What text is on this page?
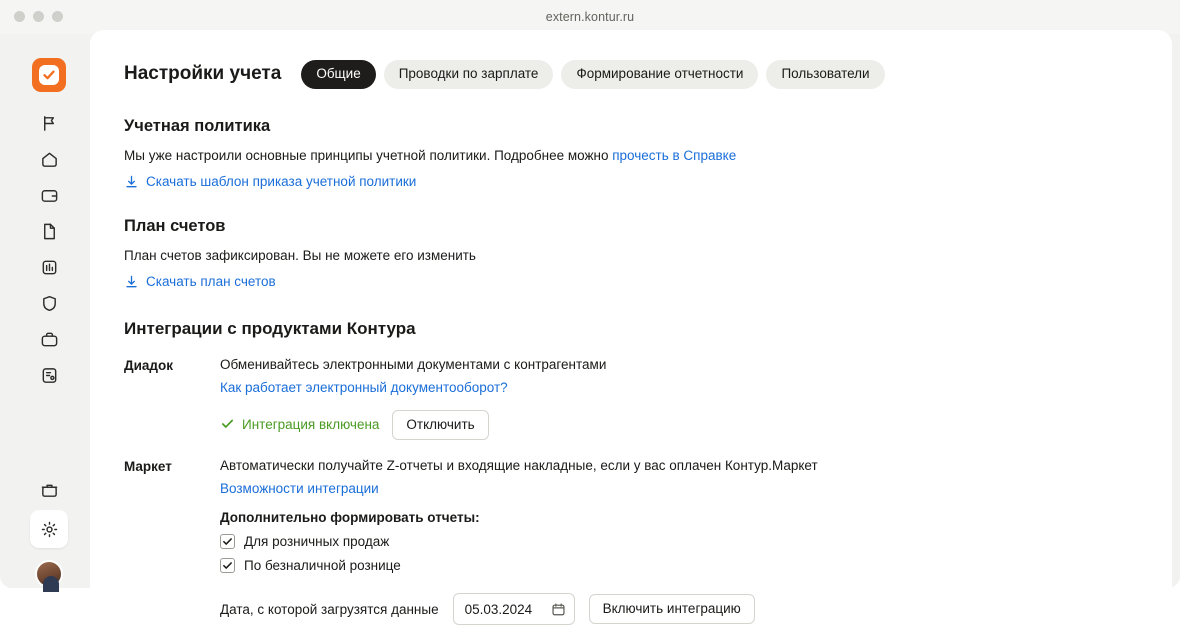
extern.kontur.ru
Настройки учета	Общие	Проводки по зарплате	Формирование отчетности	Пользователи
Учетная политика

Мы уже настроили основные принципы учетной политики. Подробнее можно прочесть в Справке

Скачать шаблон приказа учетной политики
План счетов

План счетов зафиксирован. Вы не можете его изменить

Скачать план счетов
Интеграции с продуктами Контура
Диадок	Обменивайтесь электронными документами с контрагентами
Как работает электронный документооборот?
Интеграция включена	Отключить
Маркет	Автоматически получайте Z-отчеты и входящие накладные, если у вас оплачен Контур.Маркет
Возможности интеграции
Дополнительно формировать отчеты:
Для розничных продаж
По безналичной рознице
Дата, с которой загрузятся данные 05.03.2024	Включить интеграцию
